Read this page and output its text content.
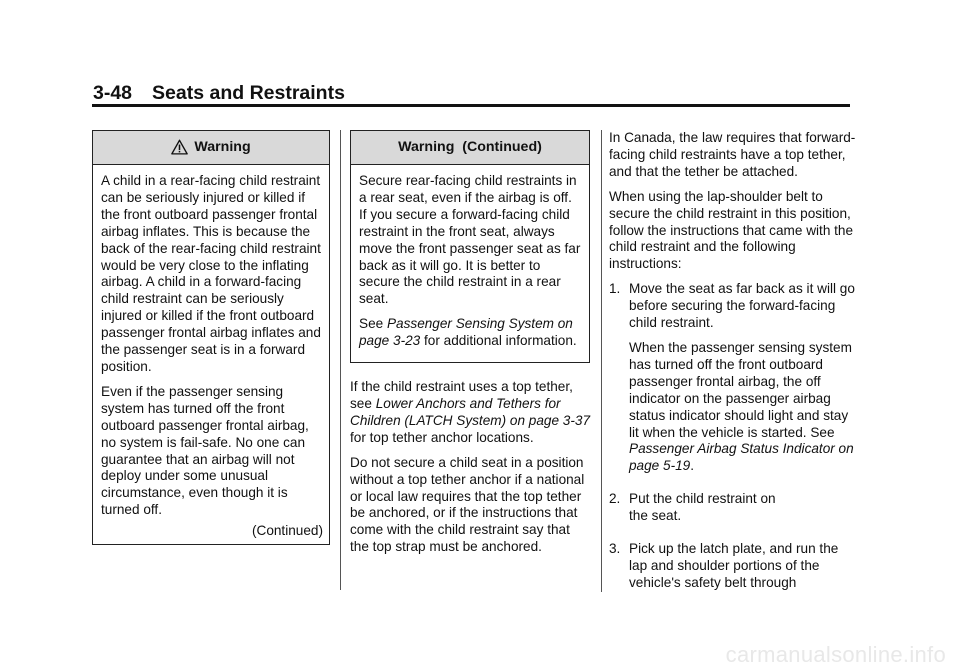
3-48 Seats and Restraints
Warning

A child in a rear-facing child restraint can be seriously injured or killed if the front outboard passenger frontal airbag inflates. This is because the back of the rear-facing child restraint would be very close to the inflating airbag. A child in a forward-facing child restraint can be seriously injured or killed if the front outboard passenger frontal airbag inflates and the passenger seat is in a forward position.

Even if the passenger sensing system has turned off the front outboard passenger frontal airbag, no system is fail-safe. No one can guarantee that an airbag will not deploy under some unusual circumstance, even though it is turned off.

(Continued)
Warning  (Continued)

Secure rear-facing child restraints in a rear seat, even if the airbag is off. If you secure a forward-facing child restraint in the front seat, always move the front passenger seat as far back as it will go. It is better to secure the child restraint in a rear seat.

See Passenger Sensing System on page 3-23 for additional information.

If the child restraint uses a top tether, see Lower Anchors and Tethers for Children (LATCH System) on page 3-37 for top tether anchor locations.

Do not secure a child seat in a position without a top tether anchor if a national or local law requires that the top tether be anchored, or if the instructions that come with the child restraint say that the top strap must be anchored.

In Canada, the law requires that forward-facing child restraints have a top tether, and that the tether be attached.

When using the lap-shoulder belt to secure the child restraint in this position, follow the instructions that came with the child restraint and the following instructions:

1. Move the seat as far back as it will go before securing the forward-facing child restraint.

When the passenger sensing system has turned off the front outboard passenger frontal airbag, the off indicator on the passenger airbag status indicator should light and stay lit when the vehicle is started. See Passenger Airbag Status Indicator on page 5-19.

2. Put the child restraint on the seat.

3. Pick up the latch plate, and run the lap and shoulder portions of the vehicle's safety belt through

carmanualsonline.info
